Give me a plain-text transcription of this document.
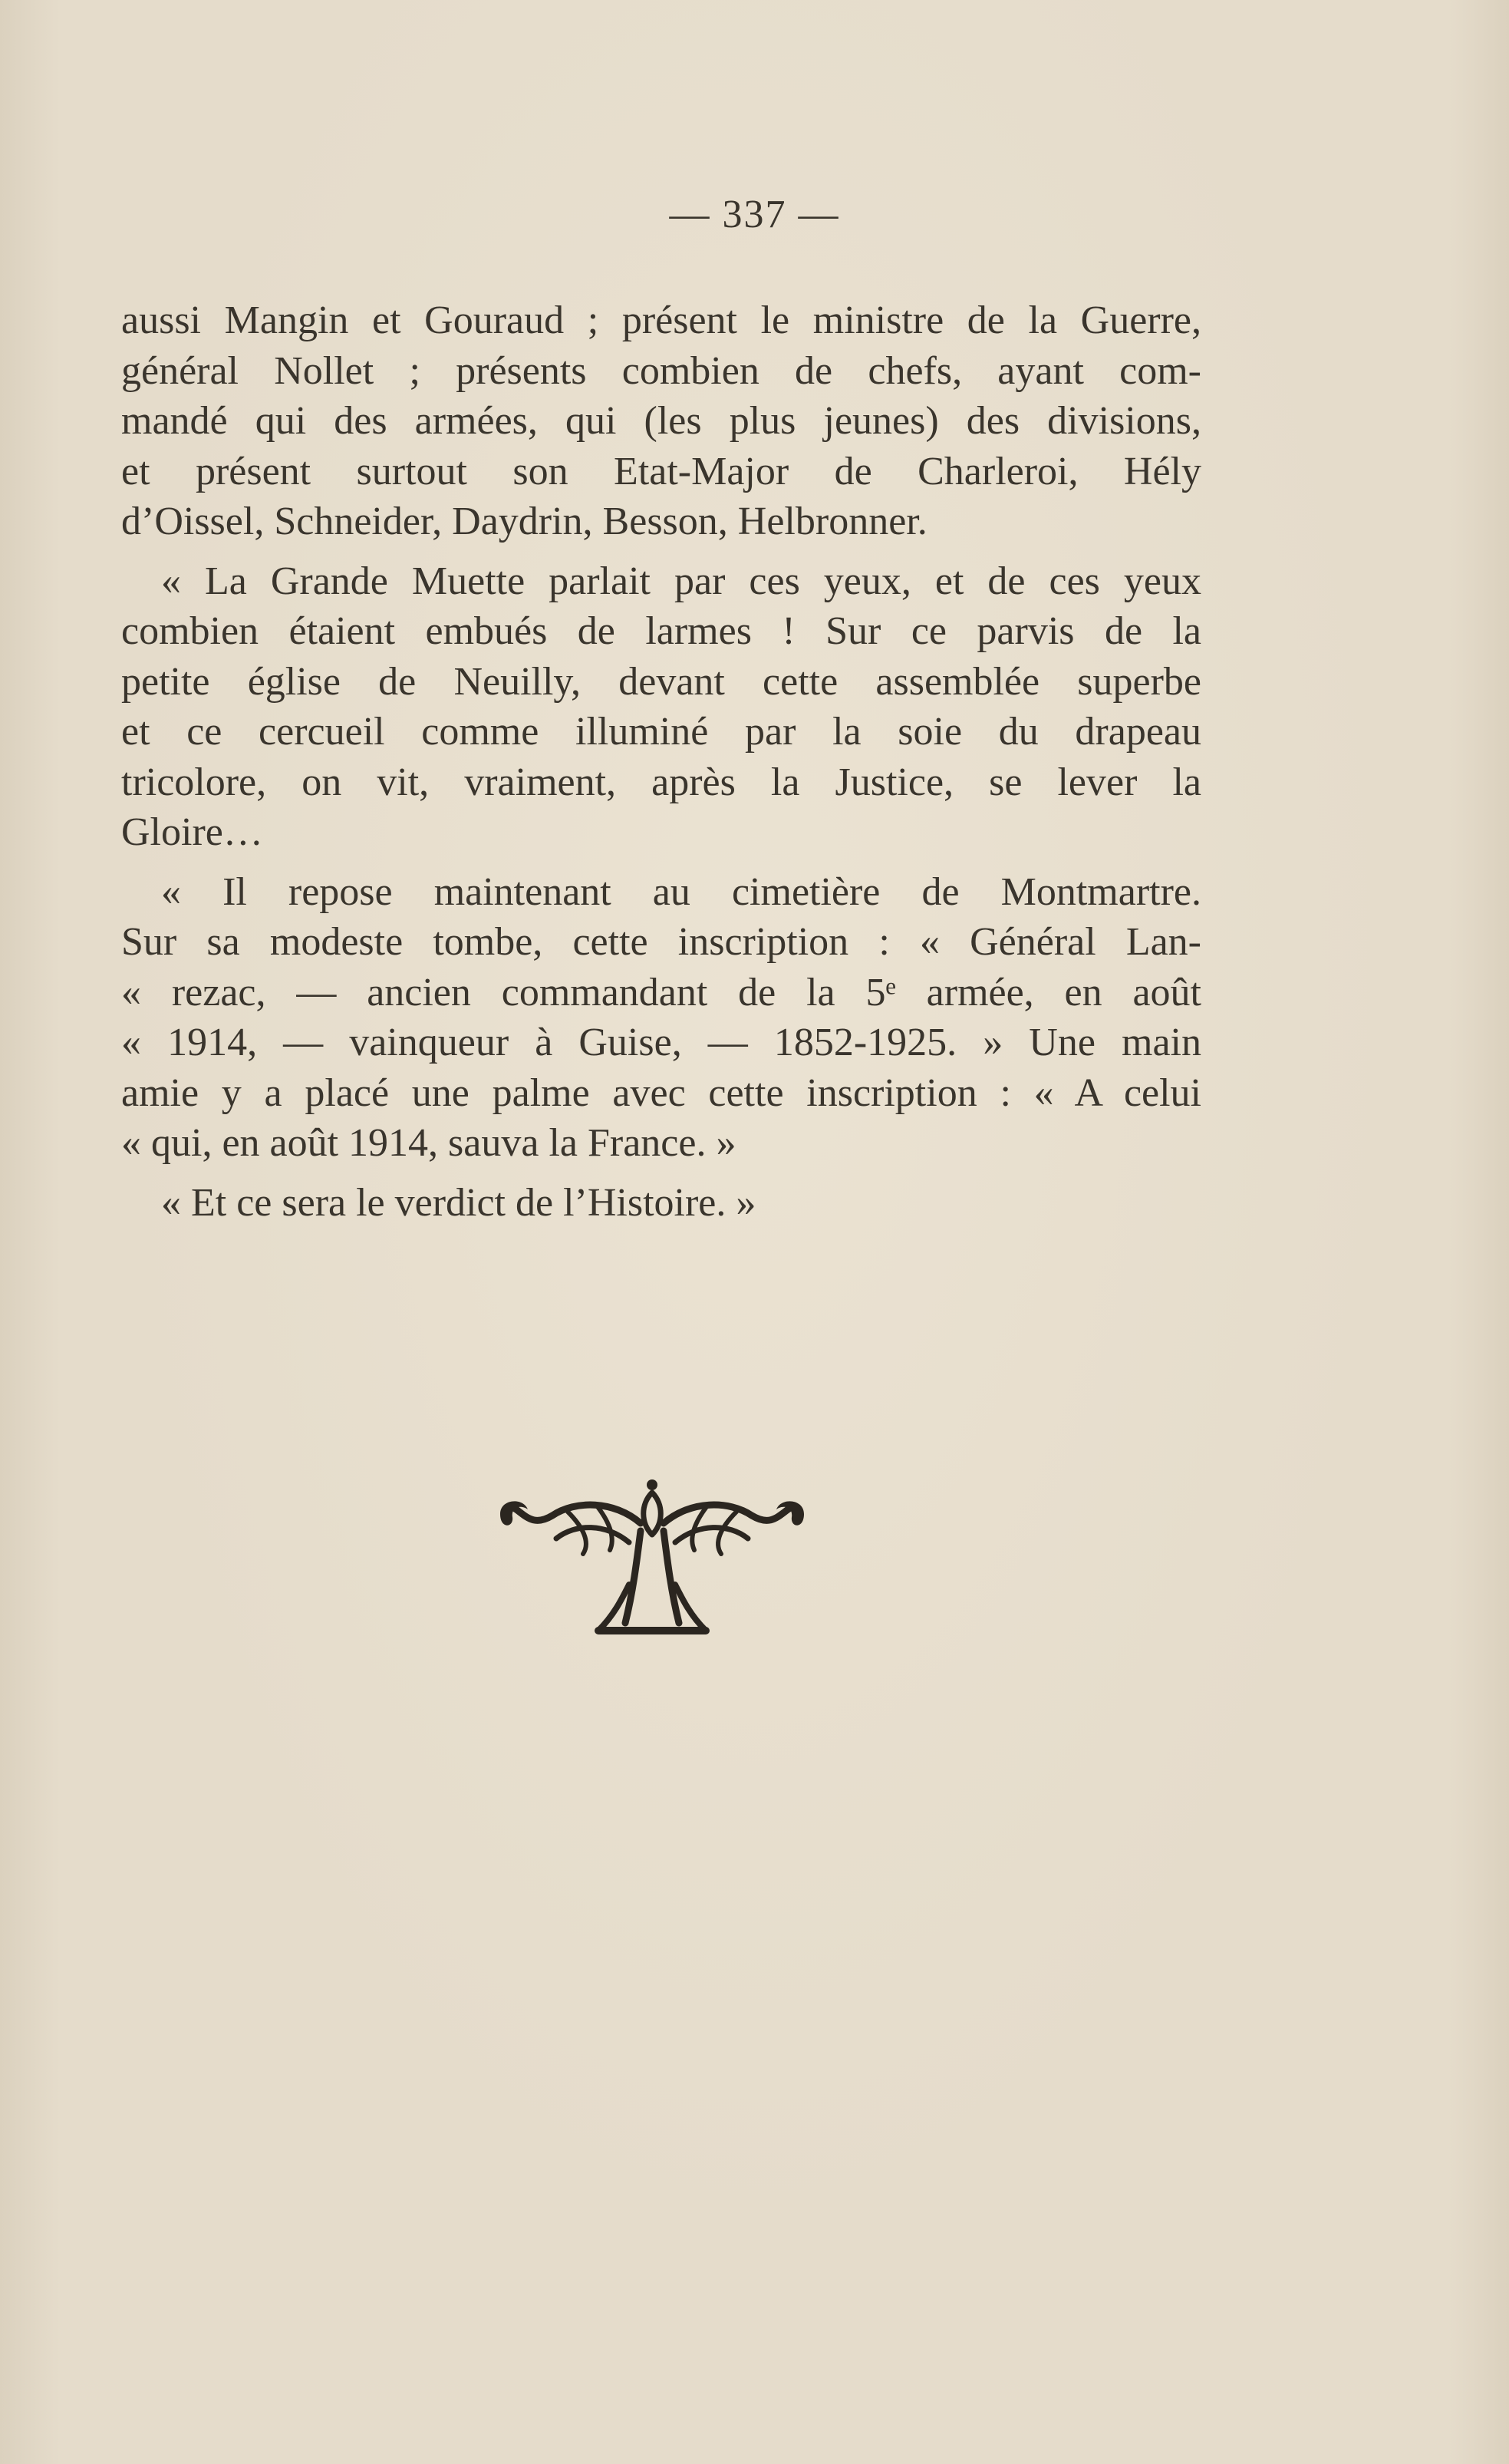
— 337 —
aussi Mangin et Gouraud ; présent le ministre de la Guerre,
général Nollet ; présents combien de chefs, ayant com-
mandé qui des armées, qui (les plus jeunes) des divisions,
et présent surtout son Etat-Major de Charleroi, Hély
d’Oissel, Schneider, Daydrin, Besson, Helbronner.
« La Grande Muette parlait par ces yeux, et de ces yeux
combien étaient embués de larmes ! Sur ce parvis de la
petite église de Neuilly, devant cette assemblée superbe
et ce cercueil comme illuminé par la soie du drapeau
tricolore, on vit, vraiment, après la Justice, se lever la
Gloire…
« Il repose maintenant au cimetière de Montmartre.
Sur sa modeste tombe, cette inscription : « Général Lan-
« rezac, — ancien commandant de la 5ᵉ armée, en août
« 1914, — vainqueur à Guise, — 1852-1925. » Une main
amie y a placé une palme avec cette inscription : « A celui
« qui, en août 1914, sauva la France. »
« Et ce sera le verdict de l’Histoire. »
